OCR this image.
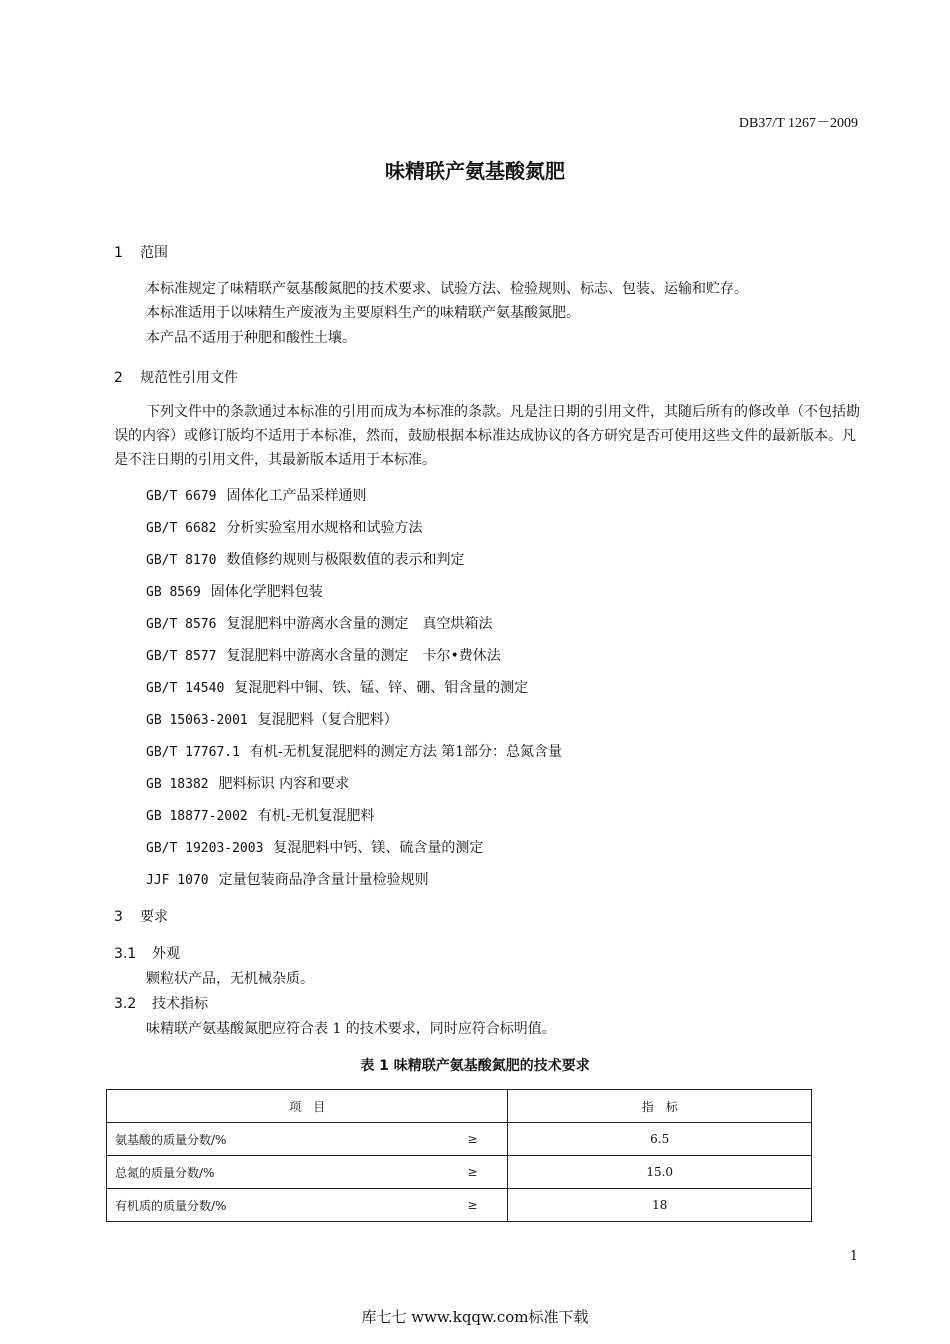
DB37/T 1267－2009
味精联产氨基酸氮肥
1 范围
本标准规定了味精联产氨基酸氮肥的技术要求、试验方法、检验规则、标志、包装、运输和贮存。
本标准适用于以味精生产废液为主要原料生产的味精联产氨基酸氮肥。
本产品不适用于种肥和酸性土壤。
2 规范性引用文件
下列文件中的条款通过本标准的引用而成为本标准的条款。凡是注日期的引用文件，其随后所有的修改单（不包括勘误的内容）或修订版均不适用于本标准，然而，鼓励根据本标准达成协议的各方研究是否可使用这些文件的最新版本。凡是不注日期的引用文件，其最新版本适用于本标准。
GB/T 6679 固体化工产品采样通则
GB/T 6682 分析实验室用水规格和试验方法
GB/T 8170 数值修约规则与极限数值的表示和判定
GB 8569 固体化学肥料包装
GB/T 8576 复混肥料中游离水含量的测定　真空烘箱法
GB/T 8577 复混肥料中游离水含量的测定　卡尔•费休法
GB/T 14540 复混肥料中铜、铁、锰、锌、硼、钼含量的测定
GB 15063-2001 复混肥料（复合肥料）
GB/T 17767.1 有机-无机复混肥料的测定方法 第1部分：总氮含量
GB 18382 肥料标识 内容和要求
GB 18877-2002 有机-无机复混肥料
GB/T 19203-2003 复混肥料中钙、镁、硫含量的测定
JJF 1070 定量包装商品净含量计量检验规则
3 要求
3.1 外观
颗粒状产品，无机械杂质。
3.2 技术指标
味精联产氨基酸氮肥应符合表 1 的技术要求，同时应符合标明值。
表 1 味精联产氨基酸氮肥的技术要求
项　目	指　标
氨基酸的质量分数/% ≥	6.5
总氮的质量分数/% ≥	15.0
有机质的质量分数/% ≥	18
1
库七七 www.kqqw.com标准下载
